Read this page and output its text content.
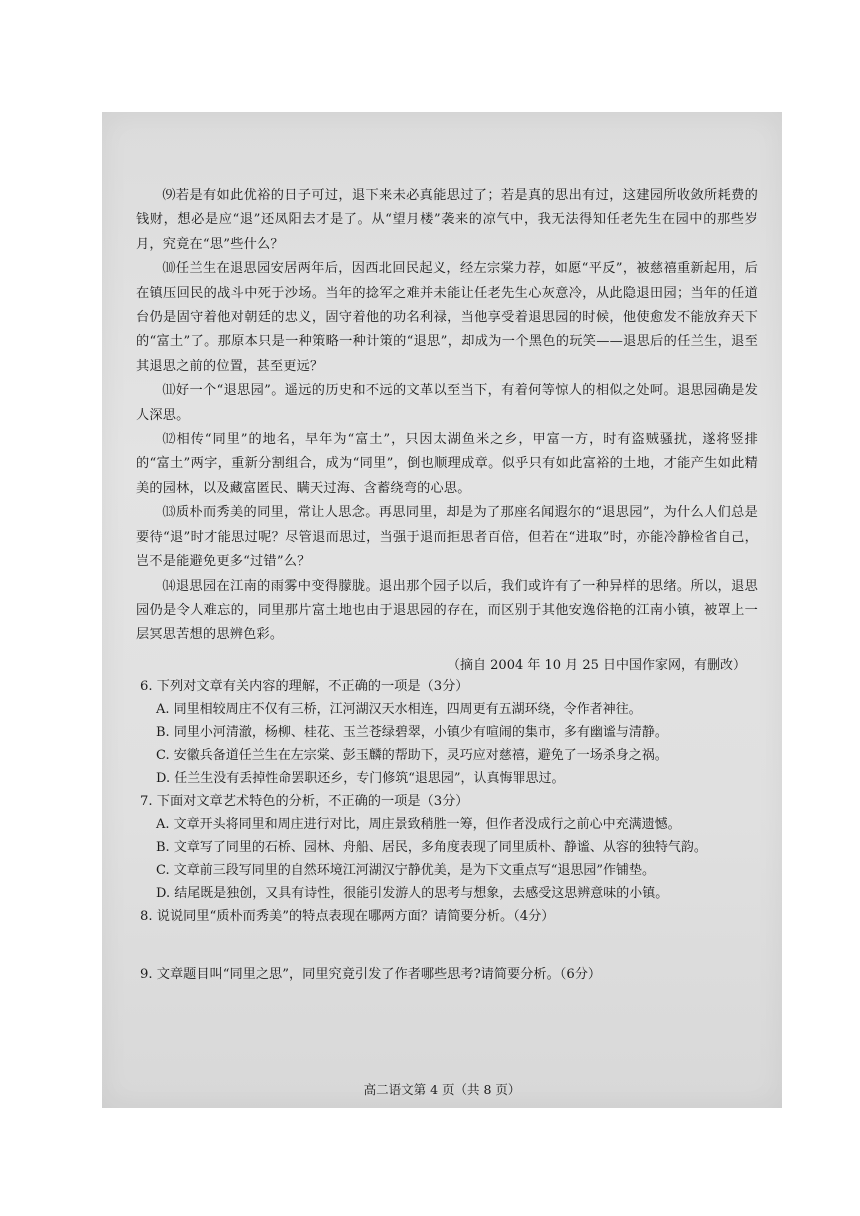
⑼若是有如此优裕的日子可过，退下来未必真能思过了；若是真的思出有过，这建园所收敛所耗费的钱财，想必是应“退”还凤阳去才是了。从“望月楼”袭来的凉气中，我无法得知任老先生在园中的那些岁月，究竟在“思”些什么？

⑽任兰生在退思园安居两年后，因西北回民起义，经左宗棠力荐，如愿“平反”，被慈禧重新起用，后在镇压回民的战斗中死于沙场。当年的捻军之难并未能让任老先生心灰意冷，从此隐退田园；当年的任道台仍是固守着他对朝廷的忠义，固守着他的功名利禄，当他享受着退思园的时候，他使愈发不能放弃天下的“富土”了。那原本只是一种策略一种计策的“退思”，却成为一个黑色的玩笑——退思后的任兰生，退至其退思之前的位置，甚至更远？

⑾好一个“退思园”。遥远的历史和不远的文革以至当下，有着何等惊人的相似之处呵。退思园确是发人深思。

⑿相传“同里”的地名，早年为“富土”，只因太湖鱼米之乡，甲富一方，时有盗贼骚扰，遂将竖排的“富土”两字，重新分割组合，成为“同里”，倒也顺理成章。似乎只有如此富裕的土地，才能产生如此精美的园林，以及藏富匿民、瞒天过海、含蓄绕弯的心思。

⒀质朴而秀美的同里，常让人思念。再思同里，却是为了那座名闻遐尔的“退思园”，为什么人们总是要待“退”时才能思过呢？尽管退而思过，当强于退而拒思者百倍，但若在“进取”时，亦能冷静检省自己，岂不是能避免更多“过错”么？

⒁退思园在江南的雨雾中变得朦胧。退出那个园子以后，我们或许有了一种异样的思绪。所以，退思园仍是令人难忘的，同里那片富土地也由于退思园的存在，而区别于其他安逸俗艳的江南小镇，被罩上一层冥思苦想的思辨色彩。

（摘自 2004 年 10 月 25 日中国作家网，有删改）

6. 下列对文章有关内容的理解，不正确的一项是（3分）

A. 同里相较周庄不仅有三桥，江河湖汉天水相连，四周更有五湖环绕，令作者神往。

B. 同里小河清澈，杨柳、桂花、玉兰苍绿碧翠，小镇少有喧闹的集市，多有幽谧与清静。

C. 安徽兵备道任兰生在左宗棠、彭玉麟的帮助下，灵巧应对慈禧，避免了一场杀身之祸。

D. 任兰生没有丢掉性命罢职还乡，专门修筑“退思园”，认真悔罪思过。

7. 下面对文章艺术特色的分析，不正确的一项是（3分）

A. 文章开头将同里和周庄进行对比，周庄景致稍胜一筹，但作者没成行之前心中充满遗憾。

B. 文章写了同里的石桥、园林、舟船、居民，多角度表现了同里质朴、静谧、从容的独特气韵。

C. 文章前三段写同里的自然环境江河湖汉宁静优美，是为下文重点写“退思园”作铺垫。

D. 结尾既是独创，又具有诗性，很能引发游人的思考与想象，去感受这思辨意味的小镇。

8. 说说同里“质朴而秀美”的特点表现在哪两方面？请简要分析。（4分）

9. 文章题目叫“同里之思”，同里究竟引发了作者哪些思考?请简要分析。（6分）

高二语文第 4 页（共 8 页）
